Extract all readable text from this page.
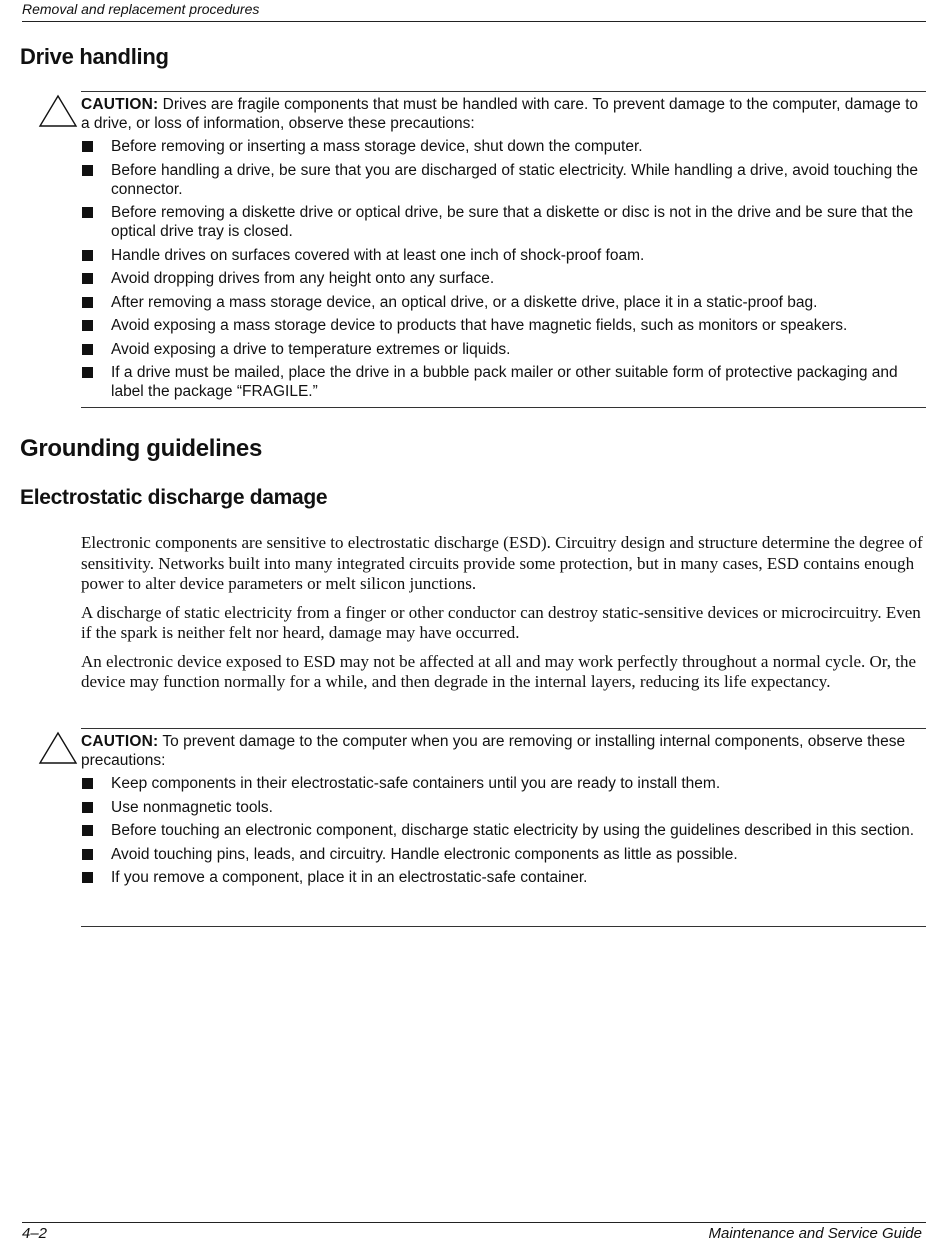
Removal and replacement procedures
Drive handling

CAUTION: Drives are fragile components that must be handled with care. To prevent damage to the computer, damage to a drive, or loss of information, observe these precautions:

Before removing or inserting a mass storage device, shut down the computer.
Before handling a drive, be sure that you are discharged of static electricity. While handling a drive, avoid touching the connector.
Before removing a diskette drive or optical drive, be sure that a diskette or disc is not in the drive and be sure that the optical drive tray is closed.
Handle drives on surfaces covered with at least one inch of shock-proof foam.
Avoid dropping drives from any height onto any surface.
After removing a mass storage device, an optical drive, or a diskette drive, place it in a static-proof bag.
Avoid exposing a mass storage device to products that have magnetic fields, such as monitors or speakers.
Avoid exposing a drive to temperature extremes or liquids.
If a drive must be mailed, place the drive in a bubble pack mailer or other suitable form of protective packaging and label the package “FRAGILE.”
Grounding guidelines
Electrostatic discharge damage

Electronic components are sensitive to electrostatic discharge (ESD). Circuitry design and structure determine the degree of sensitivity. Networks built into many integrated circuits provide some protection, but in many cases, ESD contains enough power to alter device parameters or melt silicon junctions.

A discharge of static electricity from a finger or other conductor can destroy static-sensitive devices or microcircuitry. Even if the spark is neither felt nor heard, damage may have occurred.

An electronic device exposed to ESD may not be affected at all and may work perfectly throughout a normal cycle. Or, the device may function normally for a while, and then degrade in the internal layers, reducing its life expectancy.

CAUTION: To prevent damage to the computer when you are removing or installing internal components, observe these precautions:

Keep components in their electrostatic-safe containers until you are ready to install them.
Use nonmagnetic tools.
Before touching an electronic component, discharge static electricity by using the guidelines described in this section.
Avoid touching pins, leads, and circuitry. Handle electronic components as little as possible.
If you remove a component, place it in an electrostatic-safe container.
4–2	Maintenance and Service Guide
